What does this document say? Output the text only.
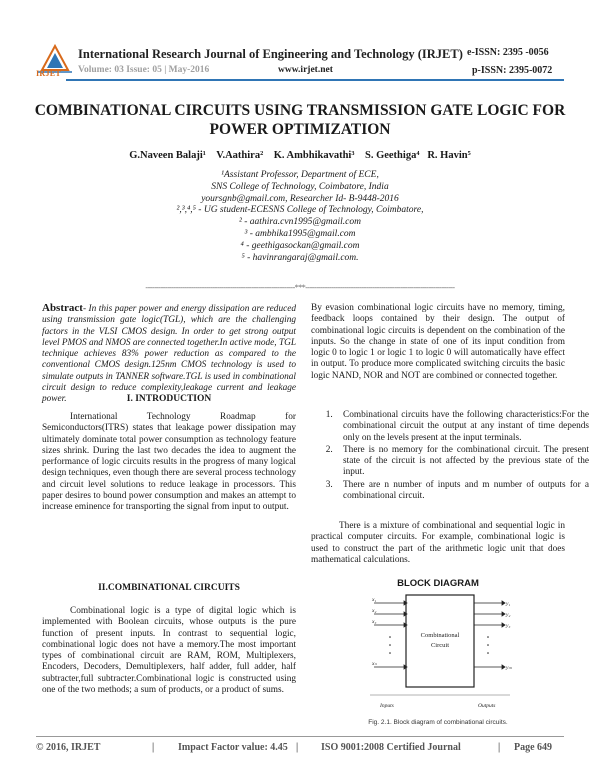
IRJET
International Research Journal of Engineering and Technology (IRJET)
Volume: 03 Issue: 05 | May-2016	www.irjet.net
e-ISSN: 2395 -0056
p-ISSN: 2395-0072
COMBINATIONAL CIRCUITS USING TRANSMISSION GATE LOGIC FOR POWER OPTIMIZATION
G.Naveen Balaji¹ V.Aathira² K. Ambhikavathi³ S. Geethiga⁴ R. Havin⁵
¹Assistant Professor, Department of ECE,
SNS College of Technology, Coimbatore, India
yoursgnb@gmail.com, Researcher Id- B-9448-2016
²,³,⁴,⁵ - UG student-ECESNS College of Technology, Coimbatore,
² - aathira.cvn1995@gmail.com
³ - ambhika1995@gmail.com
⁴ - geethigasockan@gmail.com
⁵ - havinrangaraj@gmail.com.
---------------------------------------------------------------------***---------------------------------------------------------------------
Abstract- In this paper power and energy dissipation are reduced using transmission gate logic(TGL), which are the challenging factors in the VLSI CMOS design. In order to get strong output level PMOS and NMOS are connected together.In active mode, TGL technique achieves 83% power reduction as compared to the conventional CMOS design.125nm CMOS technology is used to simulate outputs in TANNER software.TGL is used in combinational circuit design to reduce complexity,leakage current and leakage power.	I. INTRODUCTION

International Technology Roadmap for Semiconductors(ITRS) states that leakage power dissipation may ultimately dominate total power consumption as technology feature sizes shrink. During the last two decades the idea to augment the performance of logic circuits results in the progress of many logical design techniques, even though there are several process technology and circuit level solutions to reduce leakage in processors. This paper desires to bound power consumption and makes an attempt to increase eminence for transporting the signal from input to output.

II.COMBINATIONAL CIRCUITS

Combinational logic is a type of digital logic which is implemented with Boolean circuits, whose outputs is the pure function of present inputs. In contrast to sequential logic, combinational logic does not have a memory.The most important types of combinational circuit are RAM, ROM, Multiplexers, Encoders, Decoders, Demultiplexers, half adder, full adder, half subtracter,full subtracter.Combinational logic is constructed using one of the two methods; a sum of products, or a product of sums.

By evasion combinational logic circuits have no memory, timing, feedback loops contained by their design. The output of combinational logic circuits is dependent on the combination of the inputs. So the change in state of one of its input condition from logic 0 to logic 1 or logic 1 to logic 0 will automatically have effect in output. To produce more complicated switching circuits the basic logic NAND, NOR and NOT are combined or connected together.

1. Combinational circuits have the following characteristics:For the combinational circuit the output at any instant of time depends only on the levels present at the input terminals.
2. There is no memory for the combinational circuit. The present state of the circuit is not affected by the previous state of the input.
3. There are n number of inputs and m number of outputs for a combinational circuit.

There is a mixture of combinational and sequential logic in practical computer circuits. For example, combinational logic is used to construct the part of the arithmetic logic unit that does mathematical calculations.

BLOCK DIAGRAM
Combinational
Circuit
x₁
x₂
x₃
xₙ
y₁
y₂
y₃
yₘ
Inputs	Outputs
Fig. 2.1. Block diagram of combinational circuits.
© 2016, IRJET	| Impact Factor value: 4.45 | ISO 9001:2008 Certified Journal	| Page 649
